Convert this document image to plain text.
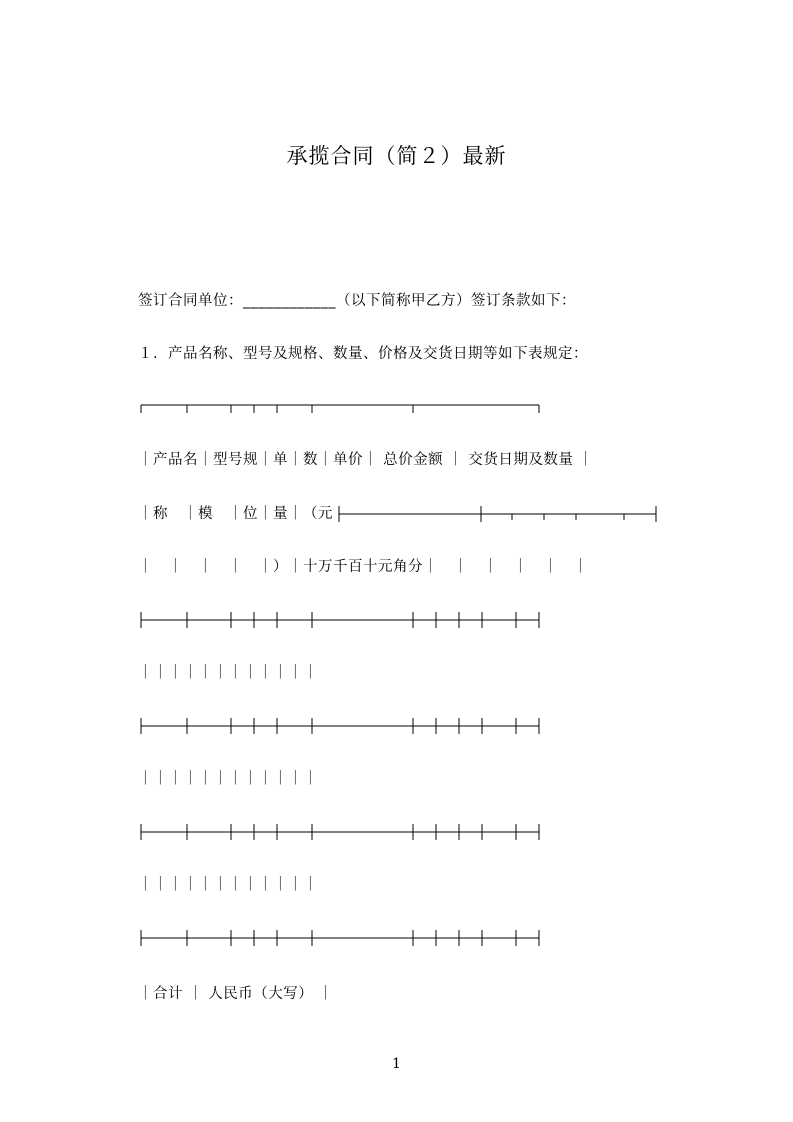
承揽合同（简２）最新
签订合同单位：____________（以下简称甲乙方）签订条款如下：
１．产品名称、型号及规格、数量、价格及交货日期等如下表规定：
｜产品名｜型号规｜单｜数｜单价｜ 总价金额 ｜ 交货日期及数量 ｜
｜称　｜模　｜位｜量｜（元
｜　｜　｜　｜　｜）｜十万千百十元角分｜　｜　｜　｜　｜　｜
｜｜｜｜｜｜｜｜｜｜｜｜
｜｜｜｜｜｜｜｜｜｜｜｜
｜｜｜｜｜｜｜｜｜｜｜｜
｜合计 ｜ 人民币（大写） ｜
1
